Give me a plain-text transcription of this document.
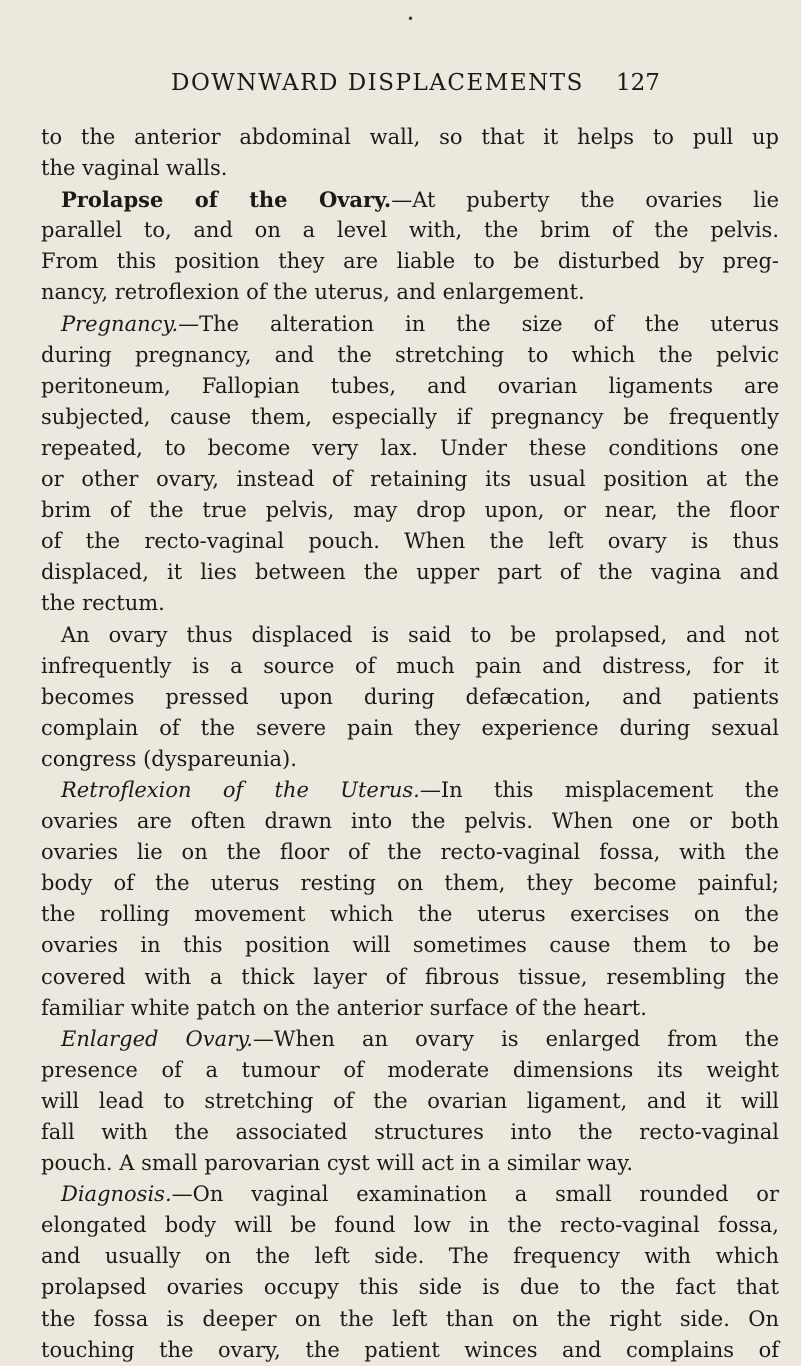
•
DOWNWARD DISPLACEMENTS 127
to the anterior abdominal wall, so that it helps to pull up
the vaginal walls.
Prolapse of the Ovary.—At puberty the ovaries lie
parallel to, and on a level with, the brim of the pelvis.
From this position they are liable to be disturbed by preg-
nancy, retroflexion of the uterus, and enlargement.
Pregnancy.—The alteration in the size of the uterus
during pregnancy, and the stretching to which the pelvic
peritoneum, Fallopian tubes, and ovarian ligaments are
subjected, cause them, especially if pregnancy be frequently
repeated, to become very lax. Under these conditions one
or other ovary, instead of retaining its usual position at the
brim of the true pelvis, may drop upon, or near, the floor
of the recto-vaginal pouch. When the left ovary is thus
displaced, it lies between the upper part of the vagina and
the rectum.
An ovary thus displaced is said to be prolapsed, and not
infrequently is a source of much pain and distress, for it
becomes pressed upon during defæcation, and patients
complain of the severe pain they experience during sexual
congress (dyspareunia).
Retroflexion of the Uterus.—In this misplacement the
ovaries are often drawn into the pelvis. When one or both
ovaries lie on the floor of the recto-vaginal fossa, with the
body of the uterus resting on them, they become painful;
the rolling movement which the uterus exercises on the
ovaries in this position will sometimes cause them to be
covered with a thick layer of fibrous tissue, resembling the
familiar white patch on the anterior surface of the heart.
Enlarged Ovary.—When an ovary is enlarged from the
presence of a tumour of moderate dimensions its weight
will lead to stretching of the ovarian ligament, and it will
fall with the associated structures into the recto-vaginal
pouch. A small parovarian cyst will act in a similar way.
Diagnosis.—On vaginal examination a small rounded or
elongated body will be found low in the recto-vaginal fossa,
and usually on the left side. The frequency with which
prolapsed ovaries occupy this side is due to the fact that
the fossa is deeper on the left than on the right side. On
touching the ovary, the patient winces and complains of
